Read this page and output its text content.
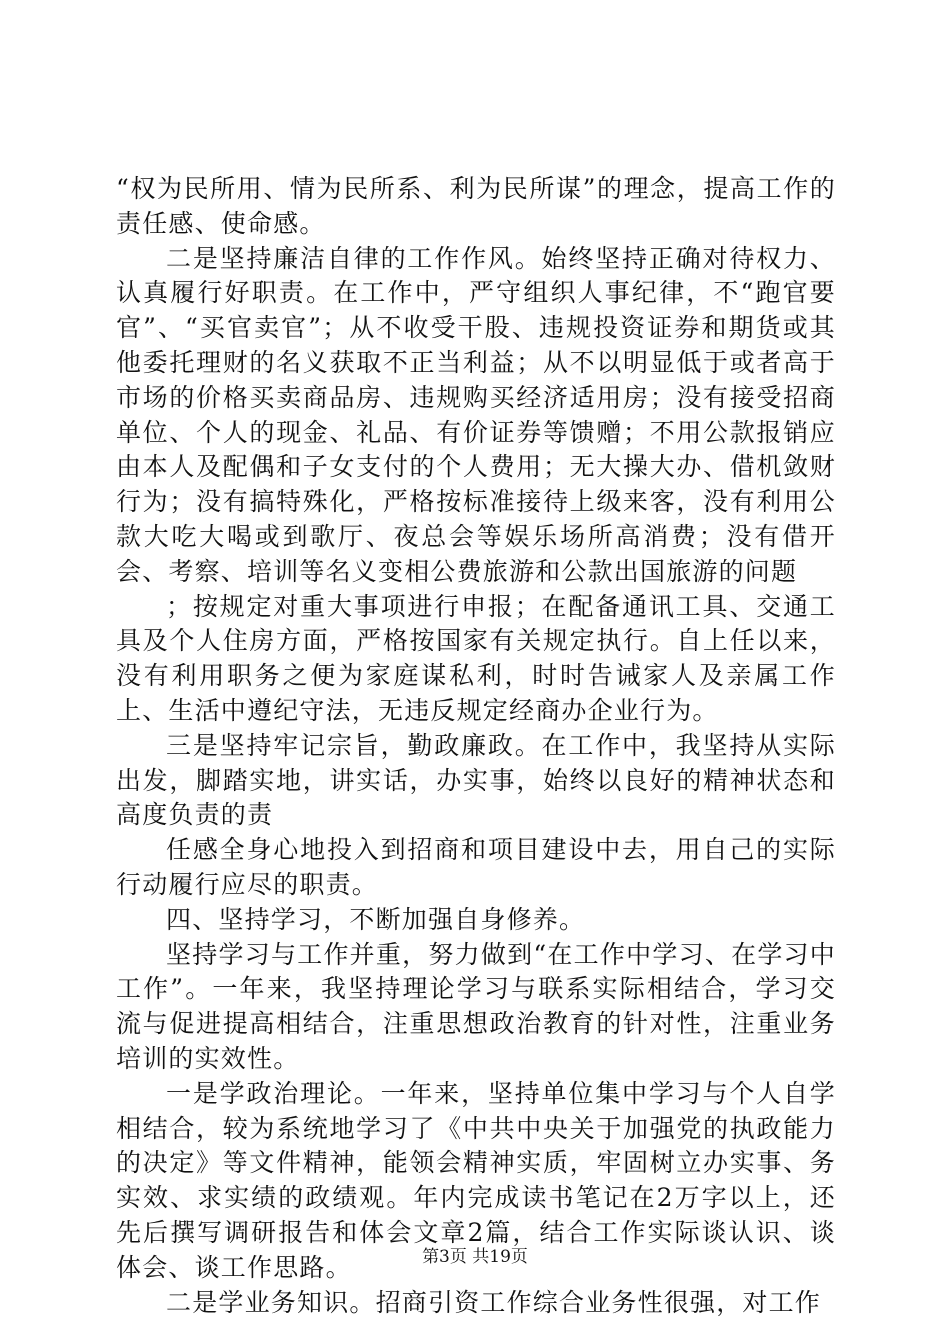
“权为民所用、情为民所系、利为民所谋”的理念，提高工作的责任感、使命感。

二是坚持廉洁自律的工作作风。始终坚持正确对待权力、认真履行好职责。在工作中，严守组织人事纪律，不“跑官要官”、“买官卖官”；从不收受干股、违规投资证券和期货或其他委托理财的名义获取不正当利益；从不以明显低于或者高于市场的价格买卖商品房、违规购买经济适用房；没有接受招商单位、个人的现金、礼品、有价证券等馈赠；不用公款报销应由本人及配偶和子女支付的个人费用；无大操大办、借机敛财行为；没有搞特殊化，严格按标准接待上级来客，没有利用公款大吃大喝或到歌厅、夜总会等娱乐场所高消费；没有借开会、考察、培训等名义变相公费旅游和公款出国旅游的问题

；按规定对重大事项进行申报；在配备通讯工具、交通工具及个人住房方面，严格按国家有关规定执行。自上任以来，没有利用职务之便为家庭谋私利，时时告诫家人及亲属工作上、生活中遵纪守法，无违反规定经商办企业行为。

三是坚持牢记宗旨，勤政廉政。在工作中，我坚持从实际出发，脚踏实地，讲实话，办实事，始终以良好的精神状态和高度负责的责

任感全身心地投入到招商和项目建设中去，用自己的实际行动履行应尽的职责。

四、坚持学习，不断加强自身修养。

坚持学习与工作并重，努力做到“在工作中学习、在学习中工作”。一年来，我坚持理论学习与联系实际相结合，学习交流与促进提高相结合，注重思想政治教育的针对性，注重业务培训的实效性。

一是学政治理论。一年来，坚持单位集中学习与个人自学相结合，较为系统地学习了《中共中央关于加强党的执政能力的决定》等文件精神，能领会精神实质，牢固树立办实事、务实效、求实绩的政绩观。年内完成读书笔记在2万字以上，还先后撰写调研报告和体会文章2篇，结合工作实际谈认识、谈体会、谈工作思路。

二是学业务知识。招商引资工作综合业务性很强，对工作

第3页 共19页
